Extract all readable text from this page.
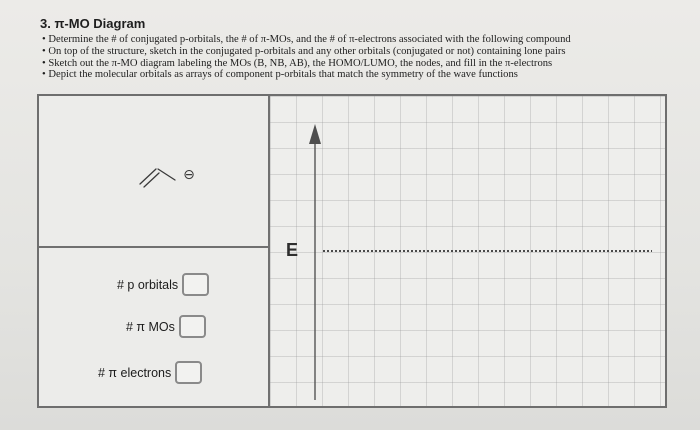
3. π-MO Diagram
• Determine the # of conjugated p-orbitals, the # of π-MOs, and the # of π-electrons associated with the following compound
• On top of the structure, sketch in the conjugated p-orbitals and any other orbitals (conjugated or not) containing lone pairs
• Sketch out the π-MO diagram labeling the MOs (B, NB, AB), the HOMO/LUMO, the nodes, and fill in the π-electrons
• Depict the molecular orbitals as arrays of component p-orbitals that match the symmetry of the wave functions
⊖
# p orbitals
# π MOs
# π electrons
E
